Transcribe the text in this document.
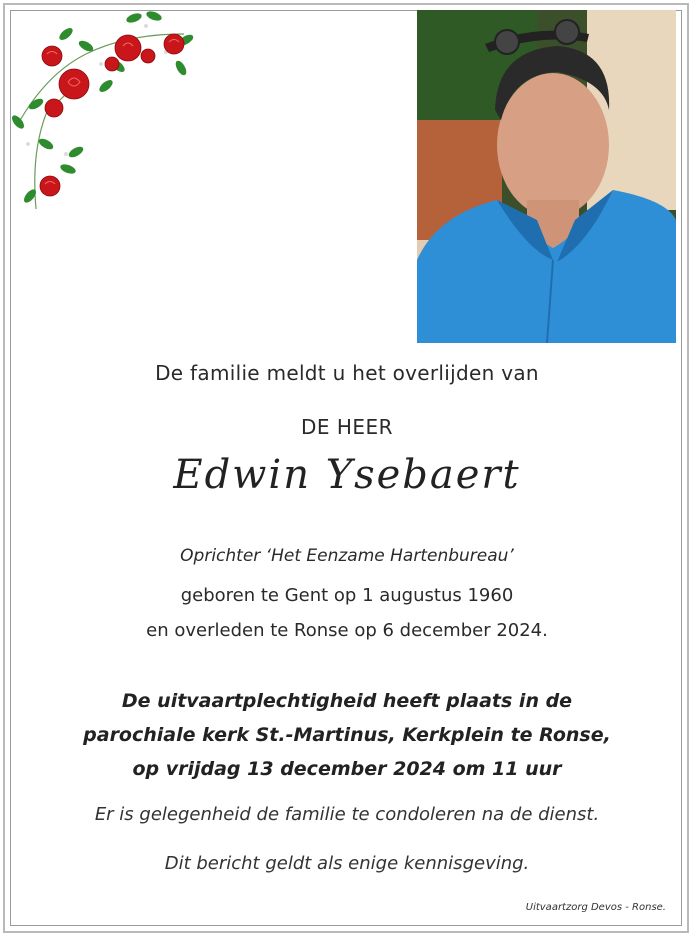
De familie meldt u het overlijden van
DE HEER
Edwin Ysebaert
Oprichter ‘Het Eenzame Hartenbureau’
geboren te Gent op 1 augustus 1960
en overleden te Ronse op 6 december 2024.
De uitvaartplechtigheid heeft plaats in de
parochiale kerk St.-Martinus, Kerkplein te Ronse,
op vrijdag 13 december 2024 om 11 uur
Er is gelegenheid de familie te condoleren na de dienst.
Dit bericht geldt als enige kennisgeving.
Uitvaartzorg Devos - Ronse.
